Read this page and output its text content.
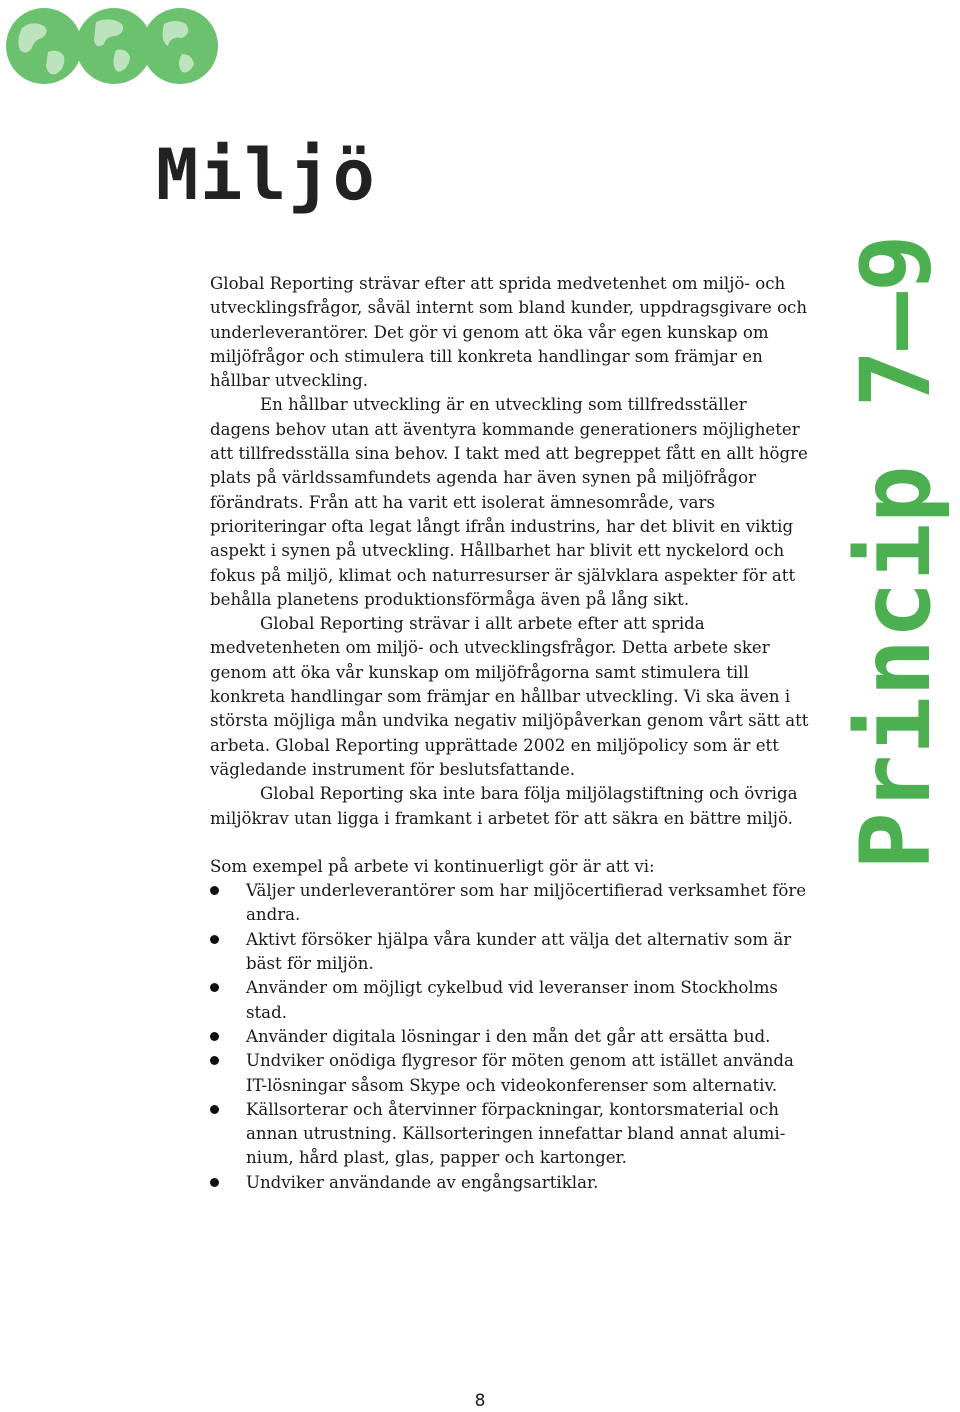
Miljö
Princip 7–9

Global Reporting strävar efter att sprida medvetenhet om miljö- och utvecklingsfrågor, såväl internt som bland kunder, uppdragsgivare och underleverantörer. Det gör vi genom att öka vår egen kunskap om miljöfrågor och stimulera till konkreta handlingar som främjar en hållbar utveckling.

En hållbar utveckling är en utveckling som tillfredsställer dagens behov utan att äventyra kommande generationers möjligheter att tillfredsställa sina behov. I takt med att begreppet fått en allt högre plats på världssamfundets agenda har även synen på miljöfrågor förändrats. Från att ha varit ett isolerat ämnesområde, vars prioriteringar ofta legat långt ifrån industrins, har det blivit en viktig aspekt i synen på utveckling. Hållbarhet har blivit ett nyckelord och fokus på miljö, klimat och naturresurser är självklara aspekter för att behålla planetens produktionsförmåga även på lång sikt.

Global Reporting strävar i allt arbete efter att sprida medvetenheten om miljö- och utvecklingsfrågor. Detta arbete sker genom att öka vår kunskap om miljöfrågorna samt stimulera till konkreta handlingar som främjar en hållbar utveckling. Vi ska även i största möjliga mån undvika negativ miljöpåverkan genom vårt sätt att arbeta. Global Reporting upprättade 2002 en miljöpolicy som är ett vägledande instrument för beslutsfattande.

Global Reporting ska inte bara följa miljölagstiftning och övriga miljökrav utan ligga i framkant i arbetet för att säkra en bättre miljö.

Som exempel på arbete vi kontinuerligt gör är att vi:

Väljer underleverantörer som har miljöcertifierad verksamhet före andra.
Aktivt försöker hjälpa våra kunder att välja det alternativ som är bäst för miljön.
Använder om möjligt cykelbud vid leveranser inom Stockholms stad.
Använder digitala lösningar i den mån det går att ersätta bud.
Undviker onödiga flygresor för möten genom att istället använda IT-lösningar såsom Skype och videokonferenser som alternativ.
Källsorterar och återvinner förpackningar, kontorsmaterial och annan utrustning. Källsorteringen innefattar bland annat alumi-nium, hård plast, glas, papper och kartonger.
Undviker användande av engångsartiklar.
8
